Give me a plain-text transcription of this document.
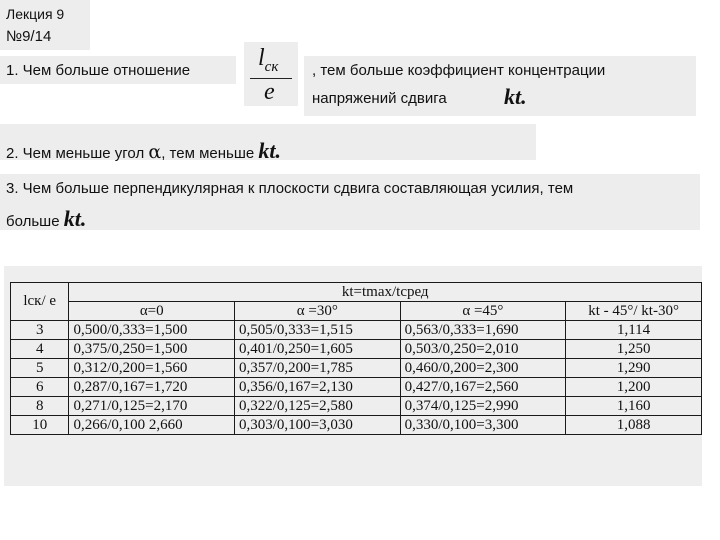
Лекция 9
№9/14
1. Чем больше отношение	$l_{ск}$
e
, тем больше коэффициент концентрации
напряжений сдвига	kt.
2. Чем меньше угол α, тем меньше kt.
3. Чем больше перпендикулярная к плоскости сдвига составляющая усилия, тем
больше kt.
lск/ e	kt=tmax/tсред			
	α=0	α =30°	α =45°	kt - 45°/ kt-30°
3	0,500/0,333=1,500	0,505/0,333=1,515	0,563/0,333=1,690	1,114
4	0,375/0,250=1,500	0,401/0,250=1,605	0,503/0,250=2,010	1,250
5	0,312/0,200=1,560	0,357/0,200=1,785	0,460/0,200=2,300	1,290
6	0,287/0,167=1,720	0,356/0,167=2,130	0,427/0,167=2,560	1,200
8	0,271/0,125=2,170	0,322/0,125=2,580	0,374/0,125=2,990	1,160
10	0,266/0,100 2,660	0,303/0,100=3,030	0,330/0,100=3,300	1,088
